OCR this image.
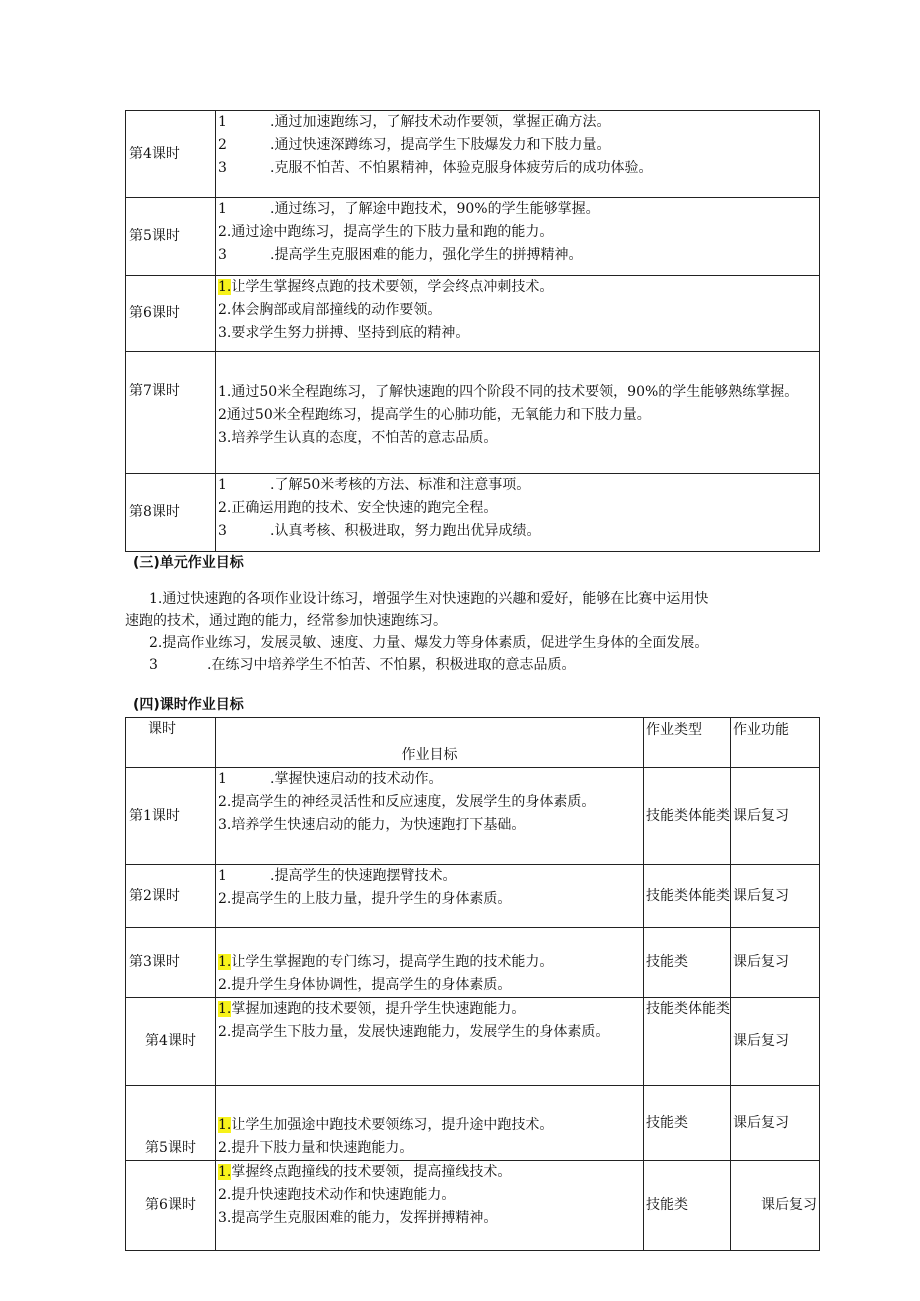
第4课时	1 .通过加速跑练习，了解技术动作要领，掌握正确方法。
2 .通过快速深蹲练习，提高学生下肢爆发力和下肢力量。
3 .克服不怕苦、不怕累精神，体验克服身体疲劳后的成功体验。

第5课时	1 .通过练习，了解途中跑技术，90%的学生能够掌握。
2.通过途中跑练习，提高学生的下肢力量和跑的能力。
3 .提高学生克服困难的能力，强化学生的拼搏精神。

第6课时	1.让学生掌握终点跑的技术要领，学会终点冲刺技术。
2.体会胸部或肩部撞线的动作要领。
3.要求学生努力拼搏、坚持到底的精神。

第7课时	1.通过50米全程跑练习，了解快速跑的四个阶段不同的技术要领，90%的学生能够熟练掌握。
2通过50米全程跑练习，提高学生的心肺功能，无氧能力和下肢力量。
3.培养学生认真的态度，不怕苦的意志品质。

第8课时	1 .了解50米考核的方法、标准和注意事项。
2.正确运用跑的技术、安全快速的跑完全程。
3 .认真考核、积极进取，努力跑出优异成绩。
(三)单元作业目标
1.通过快速跑的各项作业设计练习，增强学生对快速跑的兴趣和爱好，能够在比赛中运用快
速跑的技术，通过跑的能力，经常参加快速跑练习。
2.提高作业练习，发展灵敏、速度、力量、爆发力等身体素质，促进学生身体的全面发展。
3	.在练习中培养学生不怕苦、不怕累，积极进取的意志品质。
(四)课时作业目标
课时	作业目标	作业类型	作业功能
第1课时	1 .掌握快速启动的技术动作。
2.提高学生的神经灵活性和反应速度，发展学生的身体素质。
3.培养学生快速启动的能力，为快速跑打下基础。	技能类体能类	课后复习
第2课时	1 .提高学生的快速跑摆臂技术。
2.提高学生的上肢力量，提升学生的身体素质。	技能类体能类	课后复习
第3课时	1.让学生掌握跑的专门练习，提高学生跑的技术能力。
2.提升学生身体协调性，提高学生的身体素质。	技能类	课后复习
第4课时	1.掌握加速跑的技术要领，提升学生快速跑能力。
2.提高学生下肢力量，发展快速跑能力，发展学生的身体素质。	技能类体能类	课后复习
第5课时	1.让学生加强途中跑技术要领练习，提升途中跑技术。
2.提升下肢力量和快速跑能力。	技能类	课后复习
第6课时	1.掌握终点跑撞线的技术要领，提高撞线技术。
2.提升快速跑技术动作和快速跑能力。
3.提高学生克服困难的能力，发挥拼搏精神。	技能类	课后复习
